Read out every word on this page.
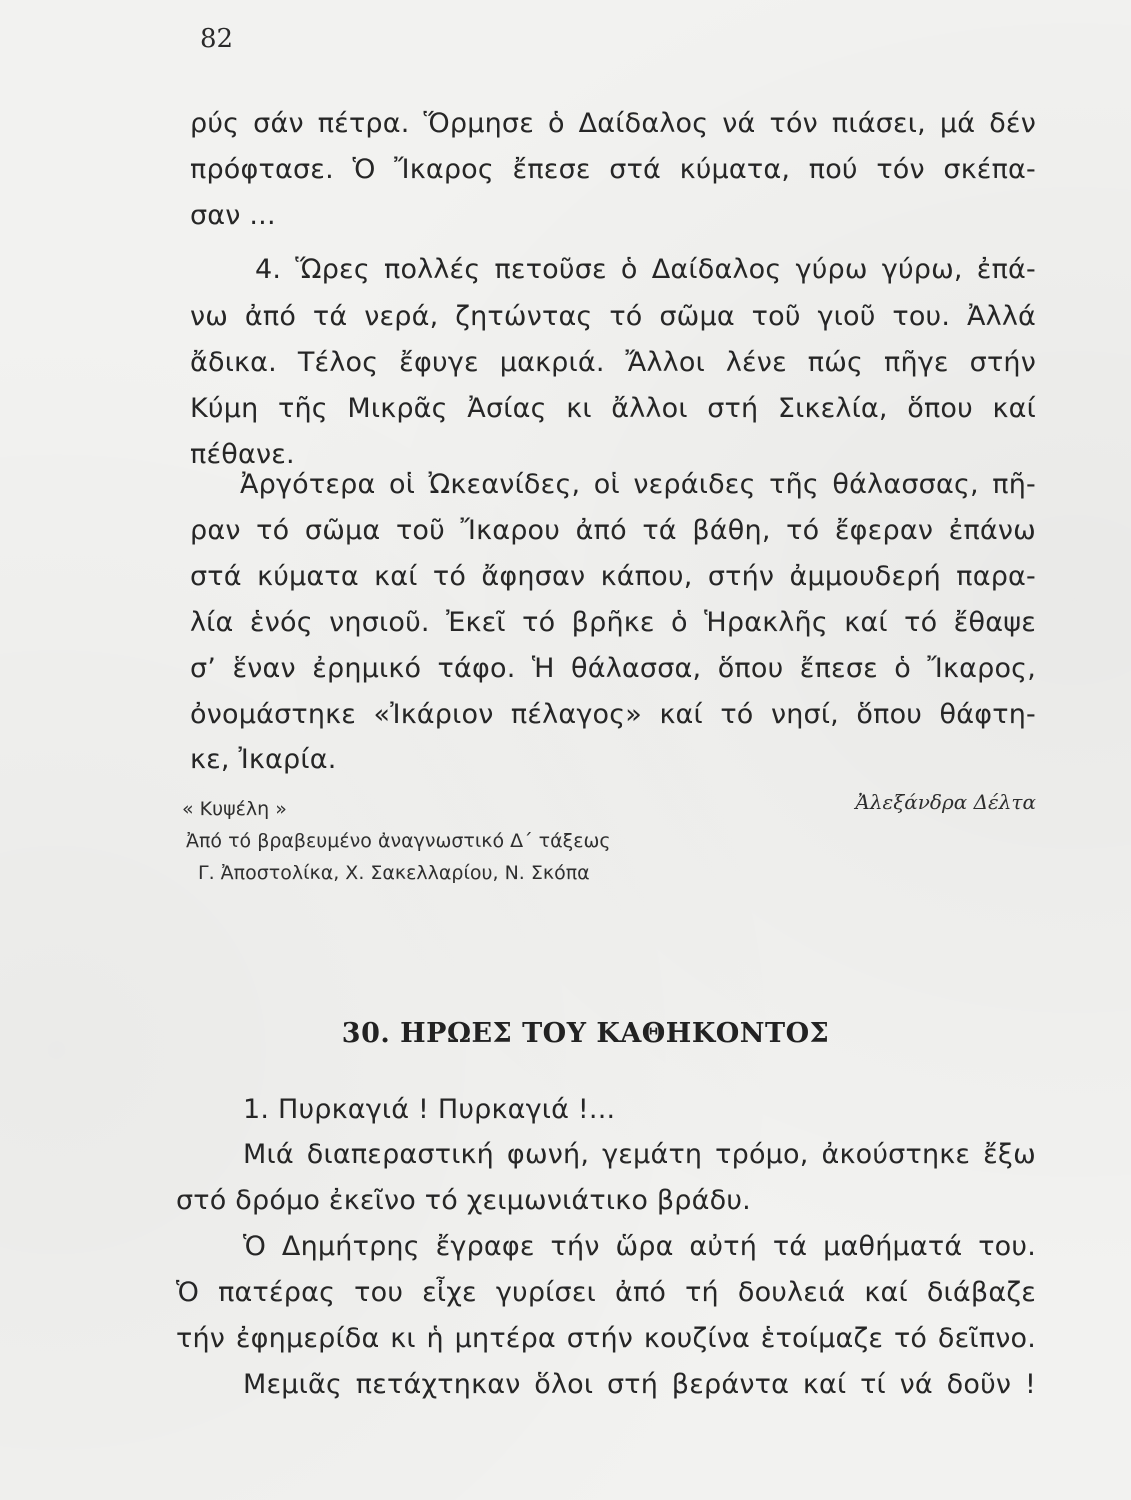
82
ρύς σάν πέτρα. Ὅρμησε ὁ Δαίδαλος νά τόν πιάσει, μά δέν
πρόφτασε. Ὁ Ἴκαρος ἔπεσε στά κύματα, πού τόν σκέπα-
σαν ...
4. Ὥρες πολλές πετοῦσε ὁ Δαίδαλος γύρω γύρω, ἐπά-
νω ἀπό τά νερά, ζητώντας τό σῶμα τοῦ γιοῦ του. Ἀλλά
ἄδικα. Τέλος ἔφυγε μακριά. Ἄλλοι λένε πώς πῆγε στήν
Κύμη τῆς Μικρᾶς Ἀσίας κι ἄλλοι στή Σικελία, ὅπου καί
πέθανε.
Ἀργότερα οἱ Ὠκεανίδες, οἱ νεράιδες τῆς θάλασσας, πῆ-
ραν τό σῶμα τοῦ Ἴκαρου ἀπό τά βάθη, τό ἔφεραν ἐπάνω
στά κύματα καί τό ἄφησαν κάπου, στήν ἀμμουδερή παρα-
λία ἑνός νησιοῦ. Ἐκεῖ τό βρῆκε ὁ Ἡρακλῆς καί τό ἔθαψε
σ’ ἕναν ἐρημικό τάφο. Ἡ θάλασσα, ὅπου ἔπεσε ὁ Ἴκαρος,
ὀνομάστηκε «Ἰκάριον πέλαγος» καί τό νησί, ὅπου θάφτη-
κε, Ἰκαρία.
« Κυψέλη »
Ἀπό τό βραβευμένο ἀναγνωστικό Δ΄ τάξεως
Γ. Ἀποστολίκα, Χ. Σακελλαρίου, Ν. Σκόπα
Ἀλεξάνδρα Δέλτα
30. ΗΡΩΕΣ ΤΟΥ ΚΑΘΗΚΟΝΤΟΣ
1. Πυρκαγιά ! Πυρκαγιά !...
Μιά διαπεραστική φωνή, γεμάτη τρόμο, ἀκούστηκε ἔξω
στό δρόμο ἐκεῖνο τό χειμωνιάτικο βράδυ.
Ὁ Δημήτρης ἔγραφε τήν ὥρα αὐτή τά μαθήματά του.
Ὁ πατέρας του εἶχε γυρίσει ἀπό τή δουλειά καί διάβαζε
τήν ἐφημερίδα κι ἡ μητέρα στήν κουζίνα ἑτοίμαζε τό δεῖπνο.
Μεμιᾶς πετάχτηκαν ὅλοι στή βεράντα καί τί νά δοῦν !
